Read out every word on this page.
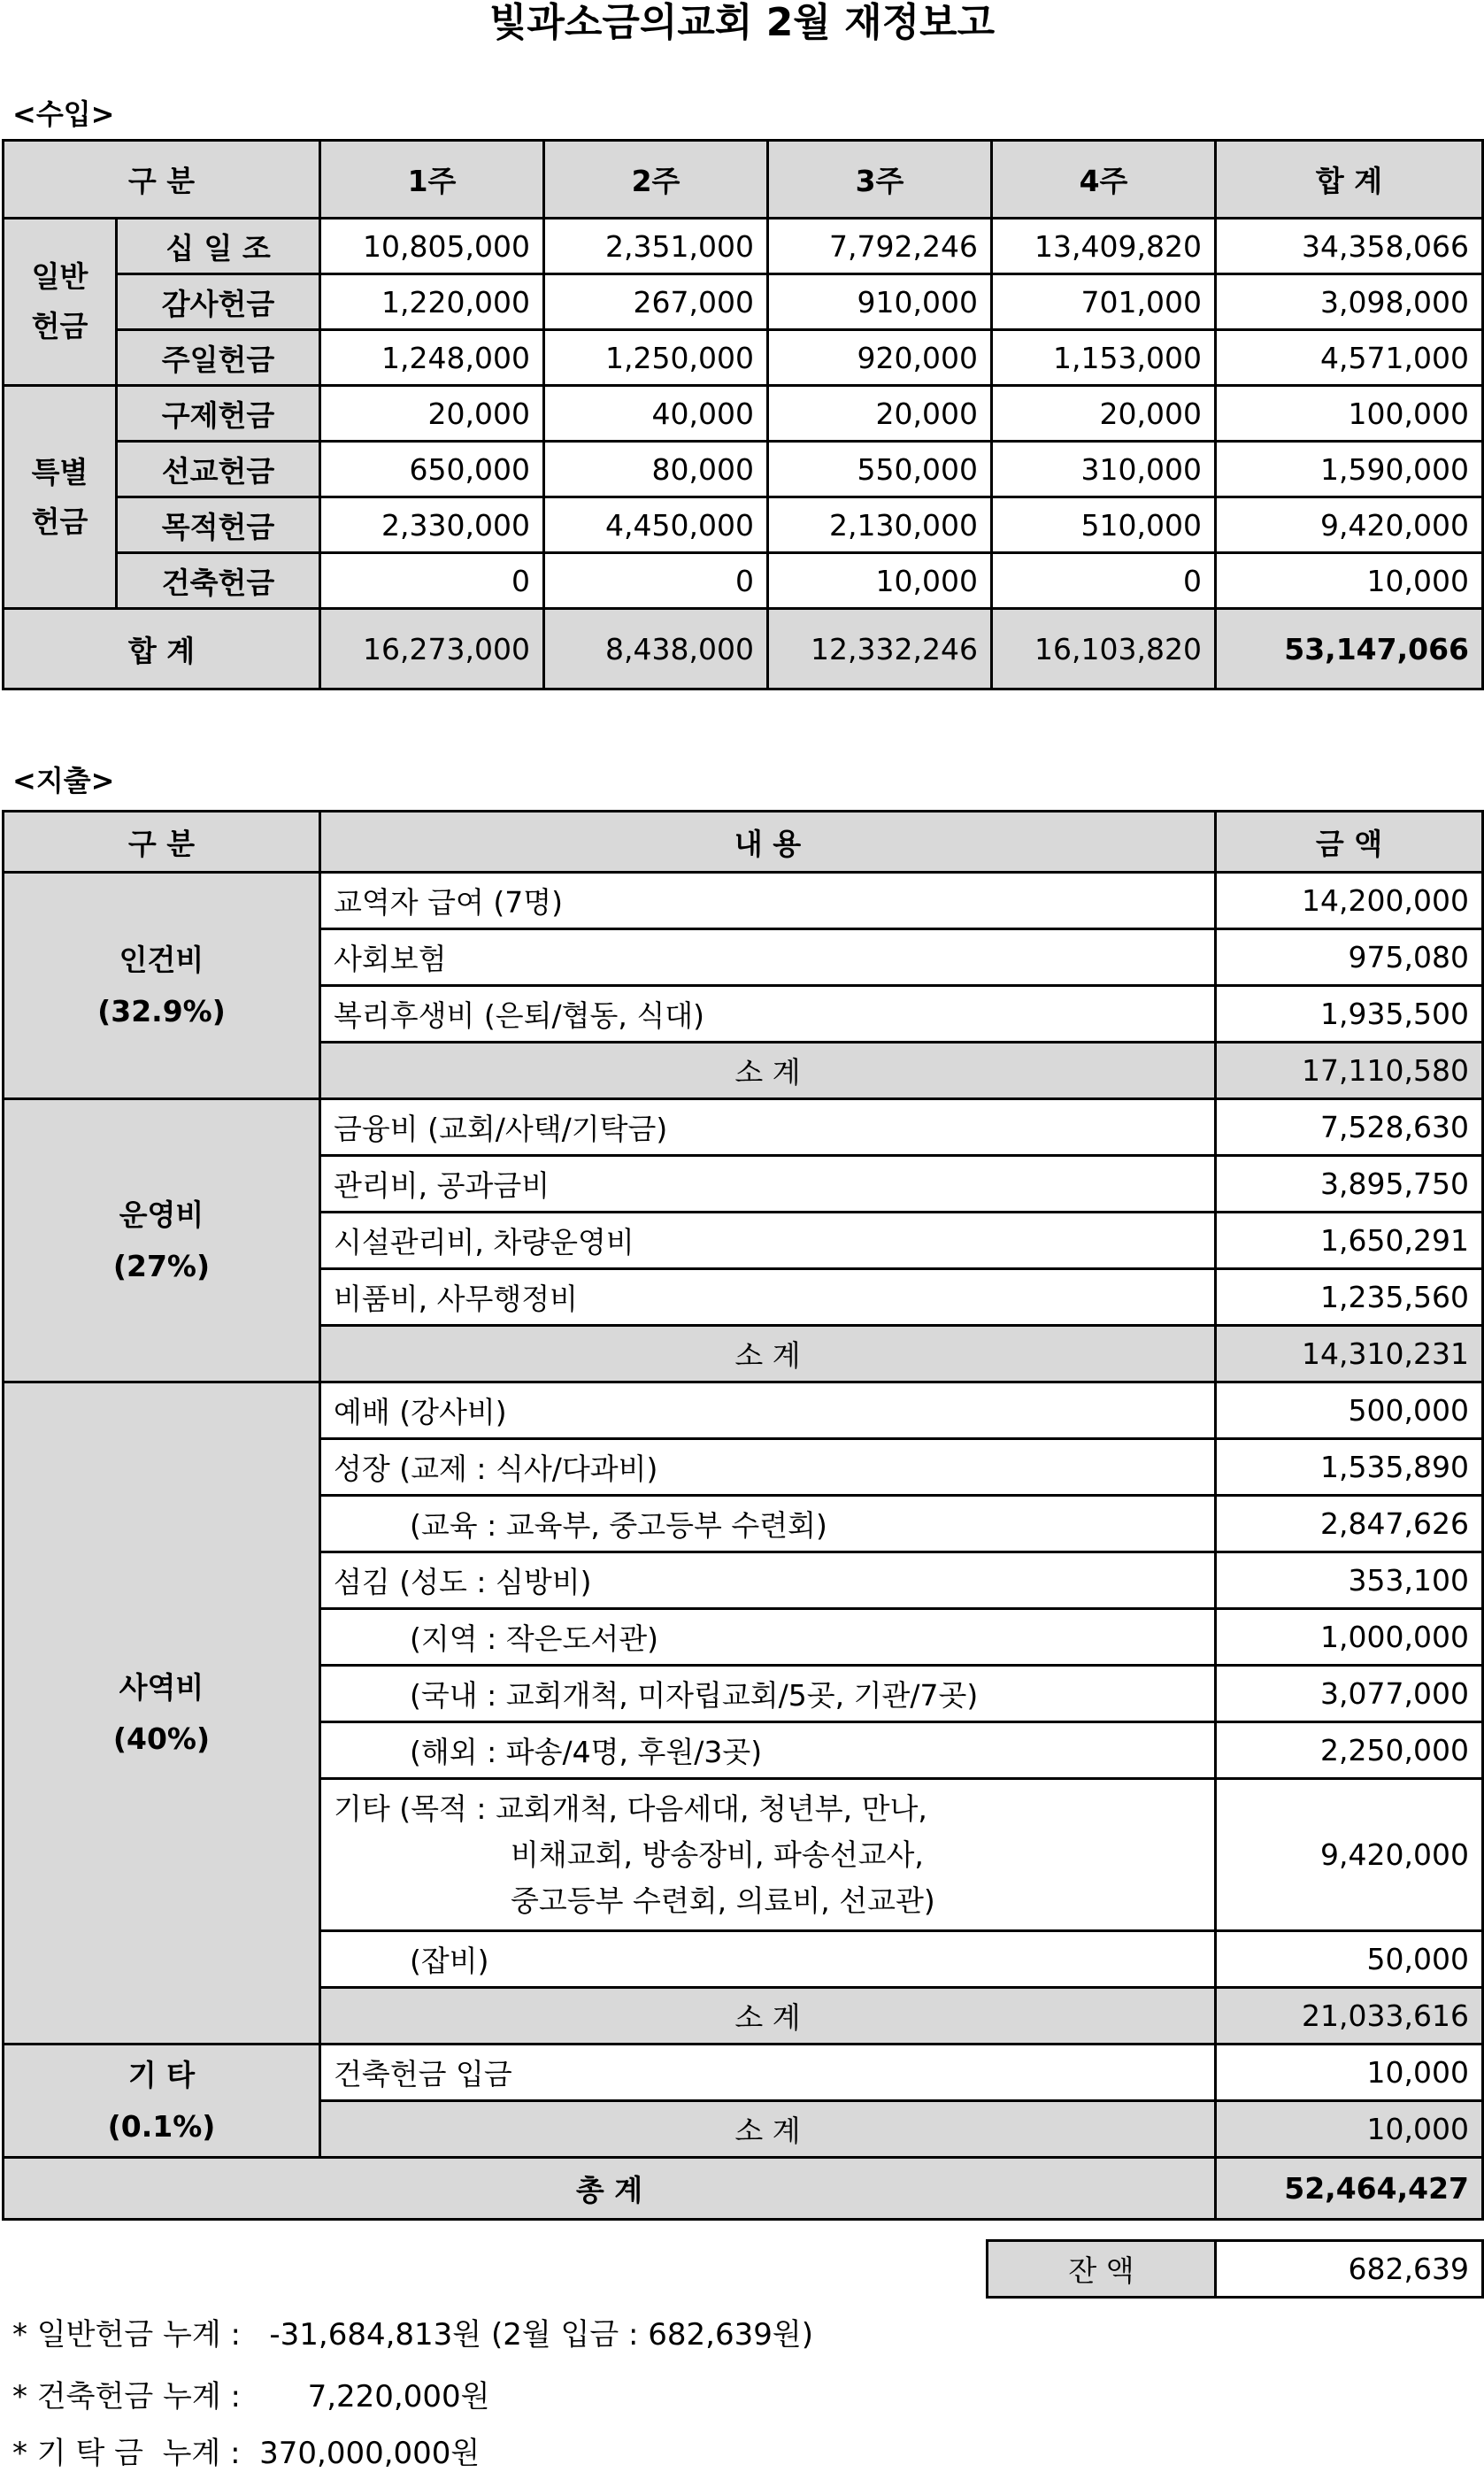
빛과소금의교회 2월 재정보고
<수입>
구 분		1주	2주	3주	4주	합 계
일반
헌금	십 일 조	10,805,000	2,351,000	7,792,246	13,409,820	34,358,066
	감사헌금	1,220,000	267,000	910,000	701,000	3,098,000
	주일헌금	1,248,000	1,250,000	920,000	1,153,000	4,571,000
특별
헌금	구제헌금	20,000	40,000	20,000	20,000	100,000
	선교헌금	650,000	80,000	550,000	310,000	1,590,000
	목적헌금	2,330,000	4,450,000	2,130,000	510,000	9,420,000
	건축헌금	0	0	10,000	0	10,000
합 계		16,273,000	8,438,000	12,332,246	16,103,820	53,147,066
<지출>
구 분	내 용	금 액

인건비
(32.9%)	교역자 급여 (7명)	14,200,000
	사회보험	975,080
	복리후생비 (은퇴/협동, 식대)	1,935,500
	소 계	17,110,580

운영비
(27%)	금융비 (교회/사택/기탁금)	7,528,630
	관리비, 공과금비	3,895,750
	시설관리비, 차량운영비	1,650,291
	비품비, 사무행정비	1,235,560
	소 계	14,310,231

사역비
(40%)	예배 (강사비)	500,000
	성장 (교제 : 식사/다과비)	1,535,890
	(교육 : 교육부, 중고등부 수련회)	2,847,626
	섬김 (성도 : 심방비)	353,100
	(지역 : 작은도서관)	1,000,000
	(국내 : 교회개척, 미자립교회/5곳, 기관/7곳)	3,077,000
	(해외 : 파송/4명, 후원/3곳)	2,250,000

	기타 (목적 : 교회개척, 다음세대, 청년부, 만나,
비채교회, 방송장비, 파송선교사,
중고등부 수련회, 의료비, 선교관)	9,420,000
	(잡비)	50,000
	소 계	21,033,616

기 타
(0.1%)	건축헌금 입금	10,000
	소 계	10,000
총 계		52,464,427
잔 액	682,639
* 일반헌금 누계 :   -31,684,813원 (2월 입금 : 682,639원)
* 건축헌금 누계 :       7,220,000원
* 기 탁 금  누계 :  370,000,000원
